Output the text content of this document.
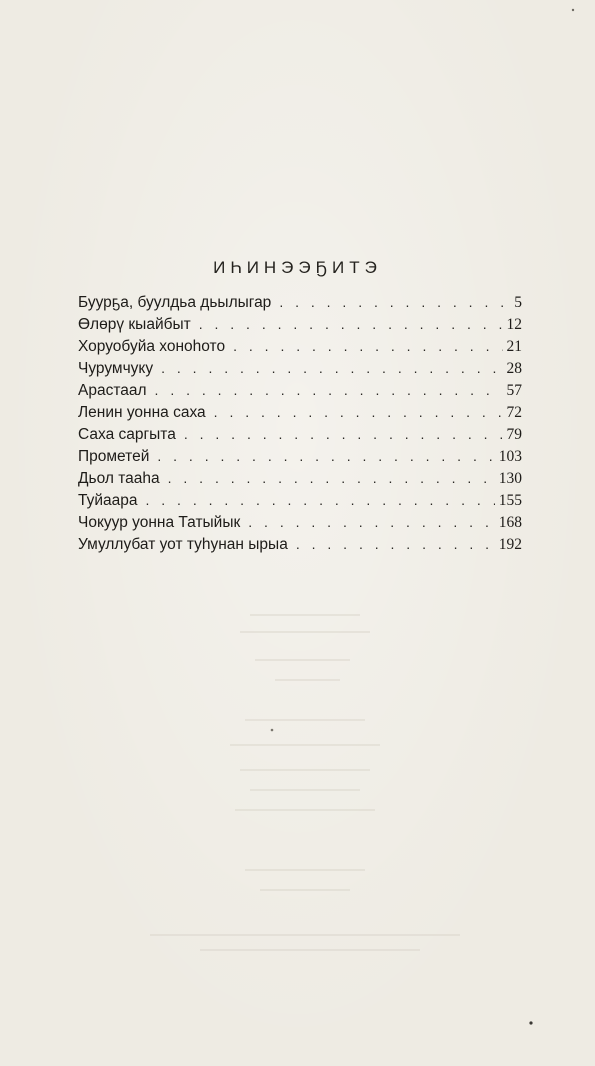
ИҺИНЭЭҔИТЭ
Буурҕа, буулдьа дьылыгар . . .	5
Өлөрү кыайбыт . . .	12
Хоруобуйа хоноһото . . .	21
Чурумчуку . . .	28
Арастаал . . .	57
Ленин уонна саха . . .	72
Саха саргыта . . .	79
Прометей . . .	103
Дьол тааһа . . .	130
Туйаара . . .	155
Чокуур уонна Татыйык . . .	168
Умуллубат уот туһунан ырыа . . .	192
